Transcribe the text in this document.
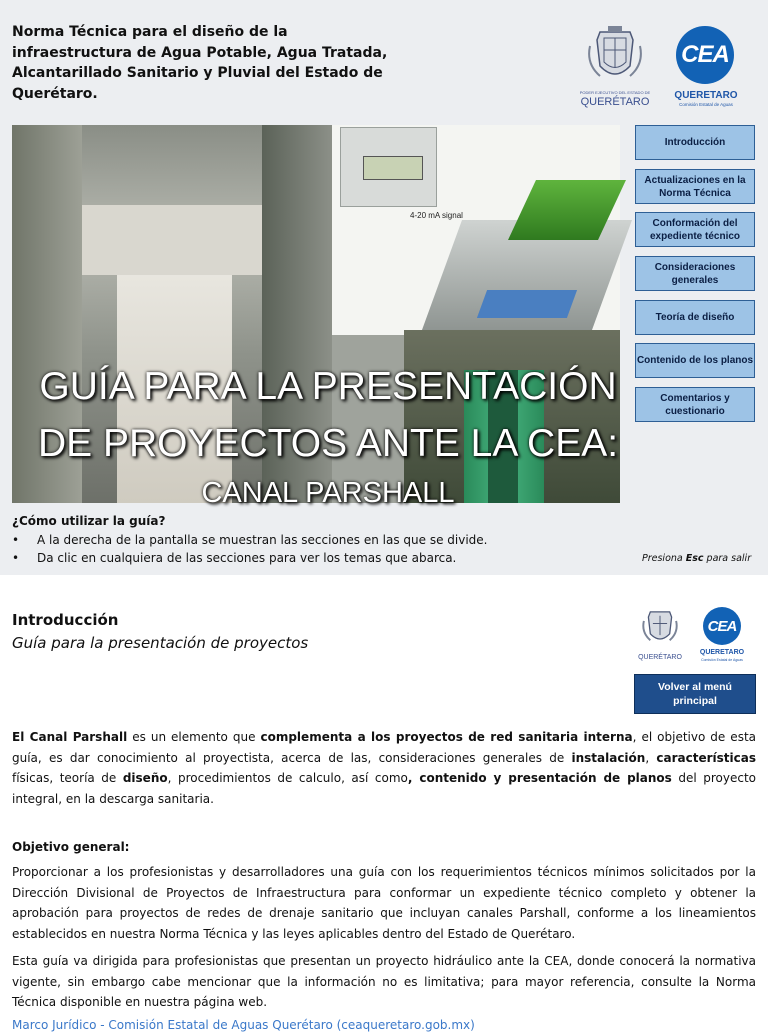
Norma Técnica para el diseño de la infraestructura de Agua Potable, Agua Tratada, Alcantarillado Sanitario y Pluvial del Estado de Querétaro.	PODER EJECUTIVO DEL ESTADO DE
QUERÉTARO
CEA
QUERETARO
Comisión Estatal de Aguas
4-20 mA signal
GUÍA PARA LA PRESENTACIÓN
DE PROYECTOS ANTE LA CEA:
CANAL PARSHALL
Introducción
Actualizaciones en la Norma Técnica
Conformación del expediente técnico
Consideraciones generales
Teoría de diseño
Contenido de los planos
Comentarios y cuestionario
¿Cómo utilizar la guía?
• A la derecha de la pantalla se muestran las secciones en las que se divide.
• Da clic en cualquiera de las secciones para ver los temas que abarca.	Presiona Esc para salir
Introducción
Guía para la presentación de proyectos
QUERÉTARO
CEA
QUERETARO
Comisión Estatal de Aguas
Volver al menú principal

El Canal Parshall es un elemento que complementa a los proyectos de red sanitaria interna, el objetivo de esta guía, es dar conocimiento al proyectista, acerca de las, consideraciones generales de instalación, características físicas, teoría de diseño, procedimientos de calculo, así como, contenido y presentación de planos del proyecto integral, en la descarga sanitaria.

Objetivo general:

Proporcionar a los profesionistas y desarrolladores una guía con los requerimientos técnicos mínimos solicitados por la Dirección Divisional de Proyectos de Infraestructura para conformar un expediente técnico completo y obtener la aprobación para proyectos de redes de drenaje sanitario que incluyan canales Parshall, conforme a los lineamientos establecidos en nuestra Norma Técnica y las leyes aplicables dentro del Estado de Querétaro.

Esta guía va dirigida para profesionistas que presentan un proyecto hidráulico ante la CEA, donde conocerá la normativa vigente, sin embargo cabe mencionar que la información no es limitativa; para mayor referencia, consulte la Norma Técnica disponible en nuestra página web.

Marco Jurídico - Comisión Estatal de Aguas Querétaro (ceaqueretaro.gob.mx)
